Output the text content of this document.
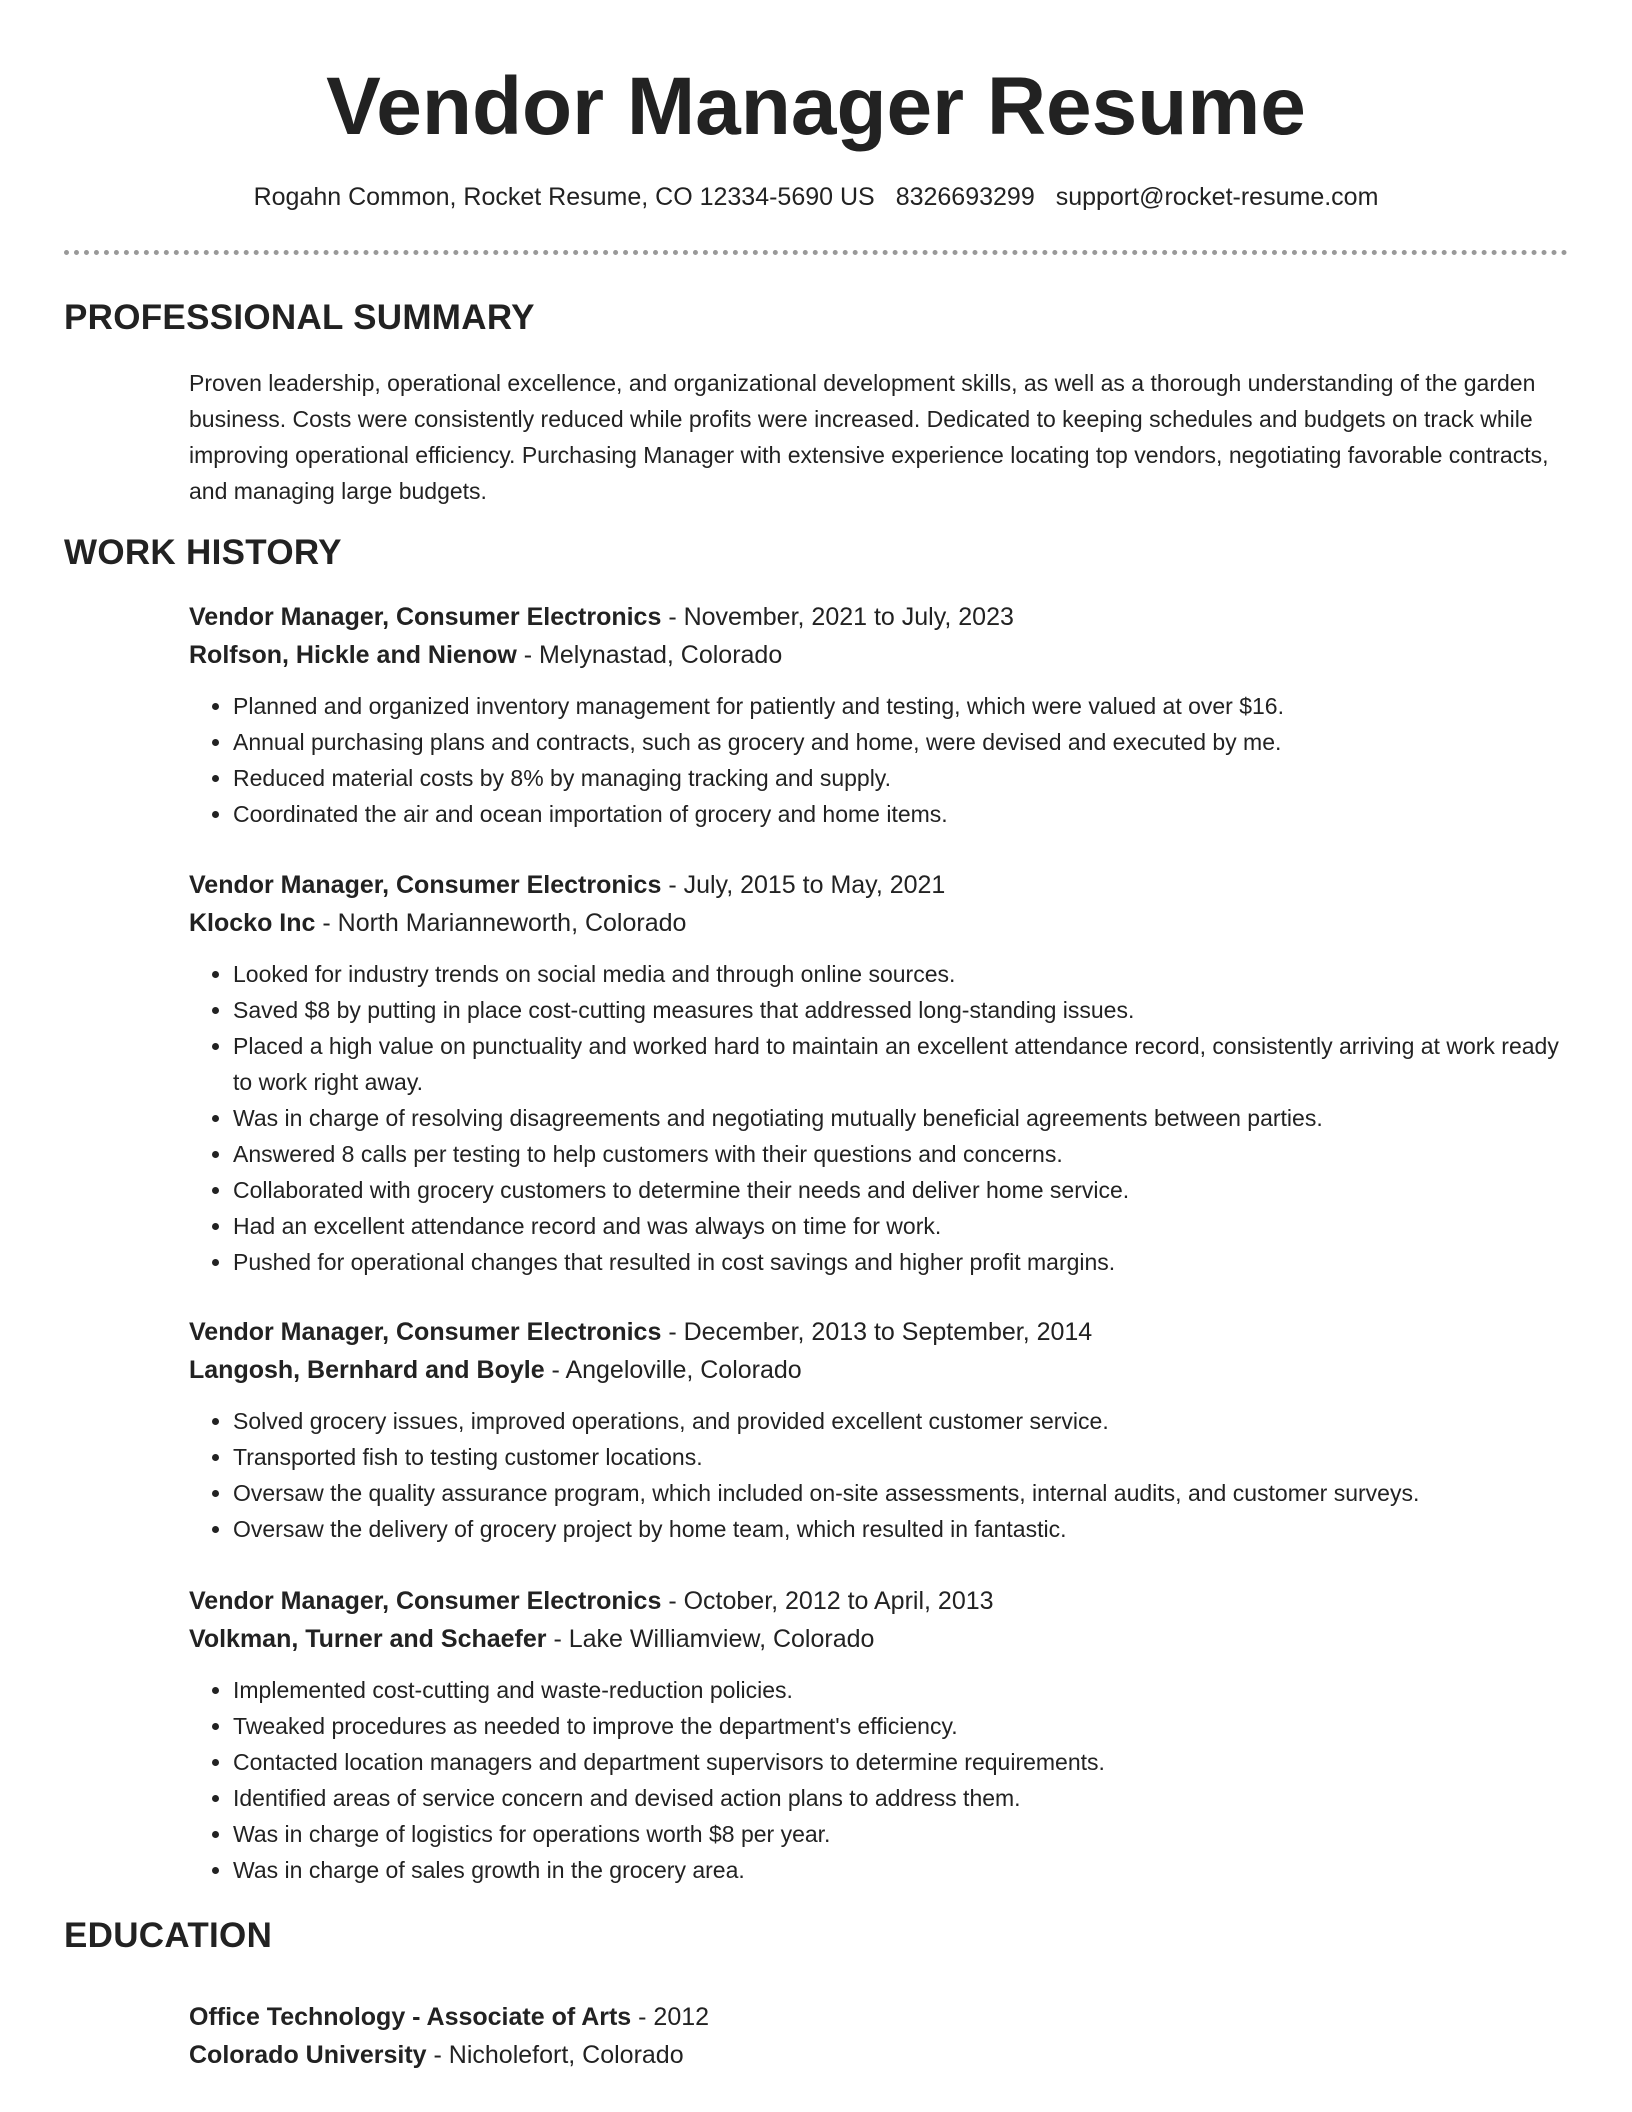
Vendor Manager Resume
Rogahn Common, Rocket Resume, CO 12334-5690 US 8326693299 support@rocket-resume.com
PROFESSIONAL SUMMARY

Proven leadership, operational excellence, and organizational development skills, as well as a thorough understanding of the garden business. Costs were consistently reduced while profits were increased. Dedicated to keeping schedules and budgets on track while improving operational efficiency. Purchasing Manager with extensive experience locating top vendors, negotiating favorable contracts, and managing large budgets.

WORK HISTORY
Vendor Manager, Consumer Electronics - November, 2021 to July, 2023
Rolfson, Hickle and Nienow - Melynastad, Colorado
• Planned and organized inventory management for patiently and testing, which were valued at over $16.
• Annual purchasing plans and contracts, such as grocery and home, were devised and executed by me.
• Reduced material costs by 8% by managing tracking and supply.
• Coordinated the air and ocean importation of grocery and home items.
Vendor Manager, Consumer Electronics - July, 2015 to May, 2021
Klocko Inc - North Marianneworth, Colorado
• Looked for industry trends on social media and through online sources.
• Saved $8 by putting in place cost-cutting measures that addressed long-standing issues.
• Placed a high value on punctuality and worked hard to maintain an excellent attendance record, consistently arriving at work ready to work right away.
• Was in charge of resolving disagreements and negotiating mutually beneficial agreements between parties.
• Answered 8 calls per testing to help customers with their questions and concerns.
• Collaborated with grocery customers to determine their needs and deliver home service.
• Had an excellent attendance record and was always on time for work.
• Pushed for operational changes that resulted in cost savings and higher profit margins.
Vendor Manager, Consumer Electronics - December, 2013 to September, 2014
Langosh, Bernhard and Boyle - Angeloville, Colorado
• Solved grocery issues, improved operations, and provided excellent customer service.
• Transported fish to testing customer locations.
• Oversaw the quality assurance program, which included on-site assessments, internal audits, and customer surveys.
• Oversaw the delivery of grocery project by home team, which resulted in fantastic.
Vendor Manager, Consumer Electronics - October, 2012 to April, 2013
Volkman, Turner and Schaefer - Lake Williamview, Colorado
• Implemented cost-cutting and waste-reduction policies.
• Tweaked procedures as needed to improve the department's efficiency.
• Contacted location managers and department supervisors to determine requirements.
• Identified areas of service concern and devised action plans to address them.
• Was in charge of logistics for operations worth $8 per year.
• Was in charge of sales growth in the grocery area.
EDUCATION
Office Technology - Associate of Arts - 2012
Colorado University - Nicholefort, Colorado
